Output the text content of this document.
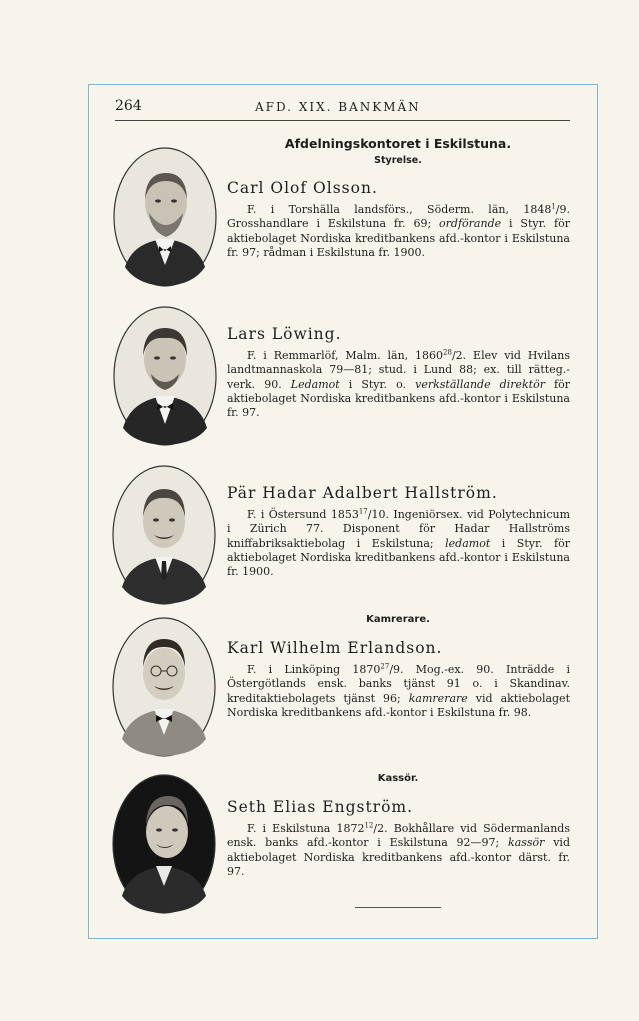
264	AFD. XIX. BANKMÄN
Afdelningskontoret i Eskilstuna.
Styrelse.
Carl Olof Olsson.

F. i Torshälla landsförs., Söderm. län, 1848$^1$/9. Grosshandlare i Eskilstuna fr. 69; ordförande i Styr. för aktiebolaget Nordiska kreditbankens afd.-kontor i Eskilstuna fr. 97; rådman i Eskilstuna fr. 1900.

Lars Löwing.

F. i Remmarlöf, Malm. län, 1860$^{28}$/2. Elev vid Hvilans landtmannaskola 79—81; stud. i Lund 88; ex. till rätteg.-verk. 90. Ledamot i Styr. o. verkställande direktör för aktiebolaget Nordiska kreditbankens afd.-kontor i Eskilstuna fr. 97.

Pär Hadar Adalbert Hallström.

F. i Östersund 1853$^{17}$/10. Ingeniörsex. vid Polytechnicum i Zürich 77. Disponent för Hadar Hallströms kniffabriksaktiebolag i Eskilstuna; ledamot i Styr. för aktiebolaget Nordiska kreditbankens afd.-kontor i Eskilstuna fr. 1900.

Kamrerare.
Karl Wilhelm Erlandson.

F. i Linköping 1870$^{27}$/9. Mog.-ex. 90. Inträdde i Östergötlands ensk. banks tjänst 91 o. i Skandinav. kreditaktiebolagets tjänst 96; kamrerare vid aktiebolaget Nordiska kreditbankens afd.-kontor i Eskilstuna fr. 98.

Kassör.
Seth Elias Engström.

F. i Eskilstuna 1872$^{12}$/2. Bokhållare vid Södermanlands ensk. banks afd.-kontor i Eskilstuna 92—97; kassör vid aktiebolaget Nordiska kreditbankens afd.-kontor därst. fr. 97.
